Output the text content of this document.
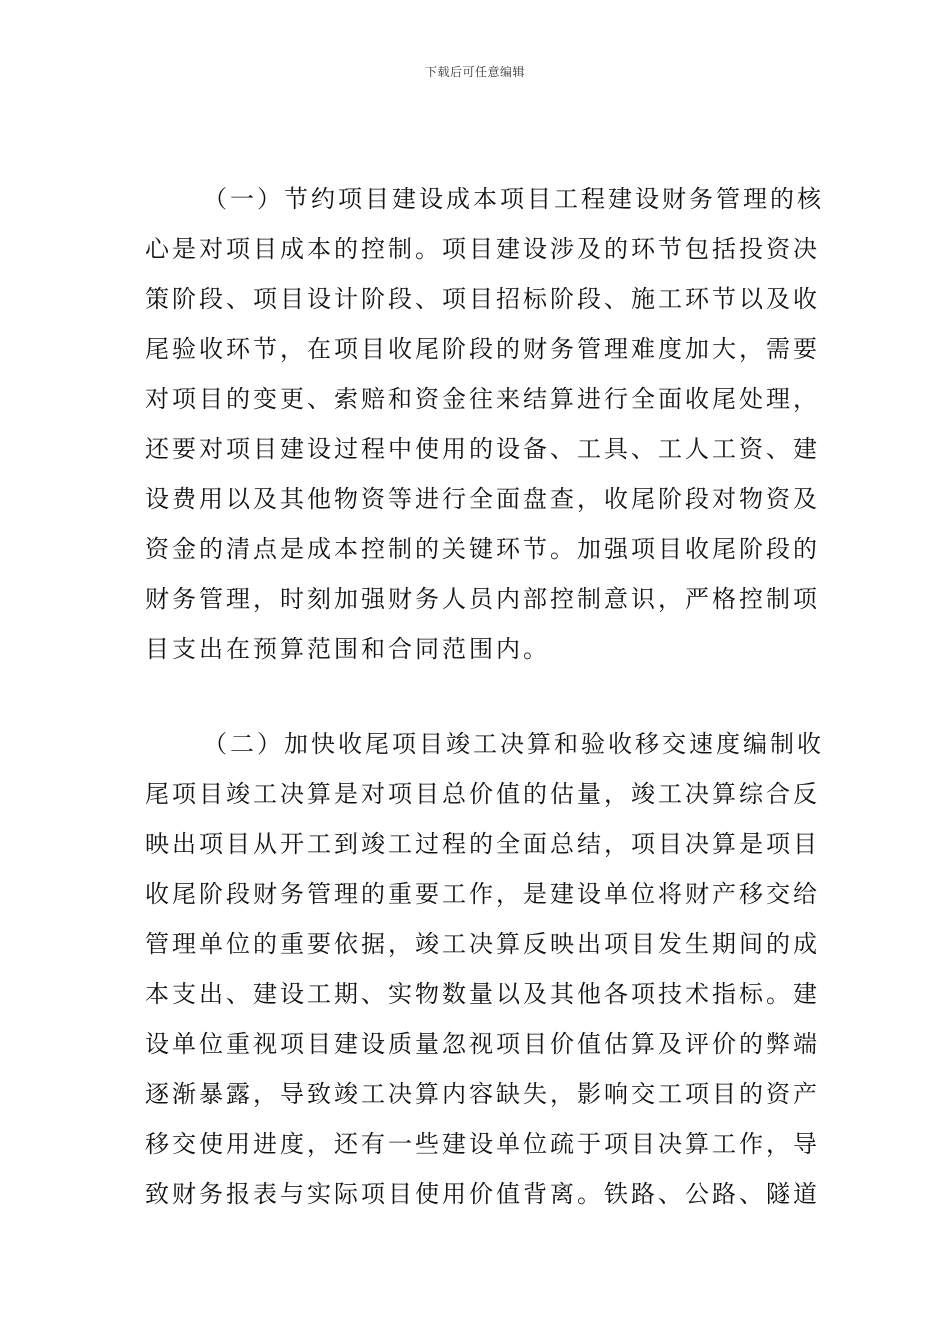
下载后可任意编辑
（一）节约项目建设成本项目工程建设财务管理的核
心是对项目成本的控制。项目建设涉及的环节包括投资决
策阶段、项目设计阶段、项目招标阶段、施工环节以及收
尾验收环节，在项目收尾阶段的财务管理难度加大，需要
对项目的变更、索赔和资金往来结算进行全面收尾处理，
还要对项目建设过程中使用的设备、工具、工人工资、建
设费用以及其他物资等进行全面盘查，收尾阶段对物资及
资金的清点是成本控制的关键环节。加强项目收尾阶段的
财务管理，时刻加强财务人员内部控制意识，严格控制项
目支出在预算范围和合同范围内。
（二）加快收尾项目竣工决算和验收移交速度编制收
尾项目竣工决算是对项目总价值的估量，竣工决算综合反
映出项目从开工到竣工过程的全面总结，项目决算是项目
收尾阶段财务管理的重要工作，是建设单位将财产移交给
管理单位的重要依据，竣工决算反映出项目发生期间的成
本支出、建设工期、实物数量以及其他各项技术指标。建
设单位重视项目建设质量忽视项目价值估算及评价的弊端
逐渐暴露，导致竣工决算内容缺失，影响交工项目的资产
移交使用进度，还有一些建设单位疏于项目决算工作，导
致财务报表与实际项目使用价值背离。铁路、公路、隧道
